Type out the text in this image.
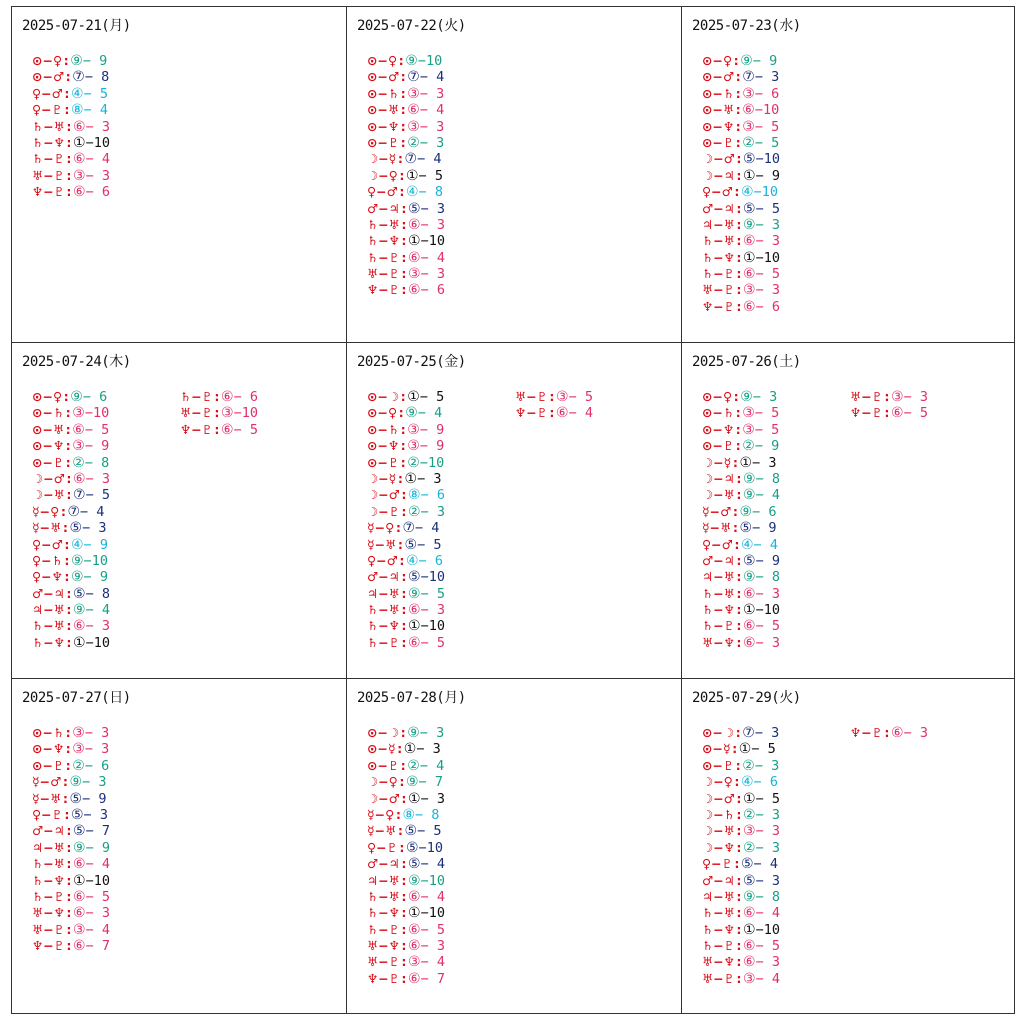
2025-07-21(月)
⊙−♀:⑨− 9
⊙−♂:⑦− 8
♀−♂:④− 5
♀−♇:⑧− 4
♄−♅:⑥− 3
♄−♆:①−10
♄−♇:⑥− 4
♅−♇:③− 3
♆−♇:⑥− 6
2025-07-22(火)
⊙−♀:⑨−10
⊙−♂:⑦− 4
⊙−♄:③− 3
⊙−♅:⑥− 4
⊙−♆:③− 3
⊙−♇:②− 3
☽−☿:⑦− 4
☽−♀:①− 5
♀−♂:④− 8
♂−♃:⑤− 3
♄−♅:⑥− 3
♄−♆:①−10
♄−♇:⑥− 4
♅−♇:③− 3
♆−♇:⑥− 6
2025-07-23(水)
⊙−♀:⑨− 9
⊙−♂:⑦− 3
⊙−♄:③− 6
⊙−♅:⑥−10
⊙−♆:③− 5
⊙−♇:②− 5
☽−♂:⑤−10
☽−♃:①− 9
♀−♂:④−10
♂−♃:⑤− 5
♃−♅:⑨− 3
♄−♅:⑥− 3
♄−♆:①−10
♄−♇:⑥− 5
♅−♇:③− 3
♆−♇:⑥− 6
2025-07-24(木)
⊙−♀:⑨− 6
⊙−♄:③−10
⊙−♅:⑥− 5
⊙−♆:③− 9
⊙−♇:②− 8
☽−♂:⑥− 3
☽−♅:⑦− 5
☿−♀:⑦− 4
☿−♅:⑤− 3
♀−♂:④− 9
♀−♄:⑨−10
♀−♆:⑨− 9
♂−♃:⑤− 8
♃−♅:⑨− 4
♄−♅:⑥− 3
♄−♆:①−10
♄−♇:⑥− 6
♅−♇:③−10
♆−♇:⑥− 5
2025-07-25(金)
⊙−☽:①− 5
⊙−♀:⑨− 4
⊙−♄:③− 9
⊙−♆:③− 9
⊙−♇:②−10
☽−☿:①− 3
☽−♂:⑧− 6
☽−♇:②− 3
☿−♀:⑦− 4
☿−♅:⑤− 5
♀−♂:④− 6
♂−♃:⑤−10
♃−♅:⑨− 5
♄−♅:⑥− 3
♄−♆:①−10
♄−♇:⑥− 5
♅−♇:③− 5
♆−♇:⑥− 4
2025-07-26(土)
⊙−♀:⑨− 3
⊙−♄:③− 5
⊙−♆:③− 5
⊙−♇:②− 9
☽−☿:①− 3
☽−♃:⑨− 8
☽−♅:⑨− 4
☿−♂:⑨− 6
☿−♅:⑤− 9
♀−♂:④− 4
♂−♃:⑤− 9
♃−♅:⑨− 8
♄−♅:⑥− 3
♄−♆:①−10
♄−♇:⑥− 5
♅−♆:⑥− 3
♅−♇:③− 3
♆−♇:⑥− 5
2025-07-27(日)
⊙−♄:③− 3
⊙−♆:③− 3
⊙−♇:②− 6
☿−♂:⑨− 3
☿−♅:⑤− 9
♀−♇:⑤− 3
♂−♃:⑤− 7
♃−♅:⑨− 9
♄−♅:⑥− 4
♄−♆:①−10
♄−♇:⑥− 5
♅−♆:⑥− 3
♅−♇:③− 4
♆−♇:⑥− 7
2025-07-28(月)
⊙−☽:⑨− 3
⊙−☿:①− 3
⊙−♇:②− 4
☽−♀:⑨− 7
☽−♂:①− 3
☿−♀:⑧− 8
☿−♅:⑤− 5
♀−♇:⑤−10
♂−♃:⑤− 4
♃−♅:⑨−10
♄−♅:⑥− 4
♄−♆:①−10
♄−♇:⑥− 5
♅−♆:⑥− 3
♅−♇:③− 4
♆−♇:⑥− 7
2025-07-29(火)
⊙−☽:⑦− 3
⊙−☿:①− 5
⊙−♇:②− 3
☽−♀:④− 6
☽−♂:①− 5
☽−♄:②− 3
☽−♅:③− 3
☽−♆:②− 3
♀−♇:⑤− 4
♂−♃:⑤− 3
♃−♅:⑨− 8
♄−♅:⑥− 4
♄−♆:①−10
♄−♇:⑥− 5
♅−♆:⑥− 3
♅−♇:③− 4
♆−♇:⑥− 3
